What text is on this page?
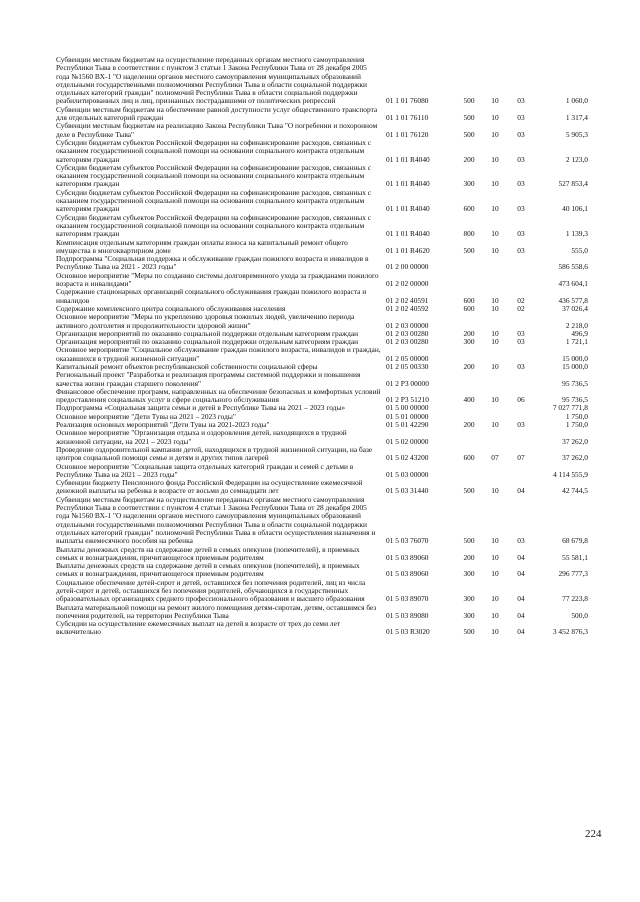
Субвенции местным бюджетам на осуществление переданных органам местного самоуправления Республики Тыва в соответствии с пунктом 3 статьи 1 Закона Республики Тыва от 28 декабря 2005 года №1560 ВХ-1 "О наделении органов местного самоуправления муниципальных образований отдельными государственными полномочиями Республики Тыва в области социальной поддержки отдельных категорий граждан" полномочий Республики Тыва в области социальной поддержки реабилитированных лиц и лиц, признанных пострадавшими от политических репрессий	01 1 01 76080	500	10	03	1 060,0
Субвенции местным бюджетам на обеспечение равной доступности услуг общественного транспорта для отдельных категорий граждан	01 1 01 76110	500	10	03	1 317,4
Субвенции местным бюджетам на реализацию Закона Республики Тыва "О погребении и похоронном деле в Республике Тыва"	01 1 01 76120	500	10	03	5 905,3
Субсидии бюджетам субъектов Российской Федерации на софинансирование расходов, связанных с оказанием государственной социальной помощи на основании социального контракта отдельным категориям граждан	01 1 01 R4040	200	10	03	2 123,0
Субсидии бюджетам субъектов Российской Федерации на софинансирование расходов, связанных с оказанием государственной социальной помощи на основании социального контракта отдельным категориям граждан	01 1 01 R4040	300	10	03	527 853,4
Субсидии бюджетам субъектов Российской Федерации на софинансирование расходов, связанных с оказанием государственной социальной помощи на основании социального контракта отдельным категориям граждан	01 1 01 R4040	600	10	03	40 106,1
Субсидии бюджетам субъектов Российской Федерации на софинансирование расходов, связанных с оказанием государственной социальной помощи на основании социального контракта отдельным категориям граждан	01 1 01 R4040	800	10	03	1 139,3
Компенсация отдельным категориям граждан оплаты взноса на капитальный ремонт общего имущества в многоквартирном доме	01 1 01 R4620	500	10	03	555,0
Подпрограмма "Социальная поддержка и обслуживание граждан пожилого возраста и инвалидов в Республике Тыва на 2021 - 2023 годы"	01 2 00 00000	586 558,6
Основное мероприятие "Меры по созданию системы долговременного ухода за гражданами пожилого возраста и инвалидами"	01 2 02 00000	473 604,1
Содержание стационарных организаций социального обслуживания граждан пожилого возраста и инвалидов	01 2 02 40591	600	10	02	436 577,8
Содержание комплексного центра социального обслуживания населения	01 2 02 40592	600	10	02	37 026,4
Основное мероприятие "Меры по укреплению здоровья пожилых людей, увеличению периода активного долголетия и продолжительности здоровой жизни"	01 2 03 00000	2 218,0
Организация мероприятий по оказанию социальной поддержки отдельным категориям граждан	01 2 03 00280	200	10	03	496,9
Организация мероприятий по оказанию социальной поддержки отдельным категориям граждан	01 2 03 00280	300	10	03	1 721,1
Основное мероприятие "Социальное обслуживание граждан пожилого возраста, инвалидов и граждан, оказавшихся в трудной жизненной ситуации"	01 2 05 00000	15 000,0
Капитальный ремонт объектов республиканской собственности социальной сферы	01 2 05 00330	200	10	03	15 000,0
Региональный проект "Разработка и реализация программы системной поддержки и повышения качества жизни граждан старшего поколения"	01 2 P3 00000	95 736,5
Финансовое обеспечение программ, направленных на обеспечение безопасных и комфортных условий предоставления социальных услуг в сфере социального обслуживания	01 2 P3 51210	400	10	06	95 736,5
Подпрограмма «Социальная защита семьи и детей в Республике Тыва на 2021 – 2023 годы»	01 5 00 00000	7 027 771,8
Основное мероприятие "Дети Тувы на 2021 – 2023 годы"	01 5 01 00000	1 750,0
Реализация основных мероприятий "Дети Тувы на 2021-2023 годы"	01 5 01 42290	200	10	03	1 750,0
Основное мероприятие "Организация отдыха и оздоровления детей, находящихся в трудной жизненной ситуации, на 2021 – 2023 годы"	01 5 02 00000	37 262,0
Проведение оздоровительной кампании детей, находящихся в трудной жизненной ситуации, на базе центров социальной помощи семье и детям и других типов лагерей	01 5 02 43200	600	07	07	37 262,0
Основное мероприятие "Социальная защита отдельных категорий граждан и семей с детьми в Республике Тыва на 2021 – 2023 годы"	01 5 03 00000	4 114 555,9
Субвенции бюджету Пенсионного фонда Российской Федерации на осуществление ежемесячной денежной выплаты на ребенка в возрасте от восьми до семнадцати лет	01 5 03 31440	500	10	04	42 744,5
Субвенции местным бюджетам на осуществление переданных органам местного самоуправления Республики Тыва в соответствии с пунктом 4 статьи 1 Закона Республики Тыва от 28 декабря 2005 года №1560 ВХ-1 "О наделении органов местного самоуправления муниципальных образований отдельными государственными полномочиями Республики Тыва в области социальной поддержки отдельных категорий граждан" полномочий Республики Тыва в области осуществления назначения и выплаты ежемесячного пособия на ребенка	01 5 03 76070	500	10	03	68 679,8
Выплаты денежных средств на содержание детей в семьях опекунов (попечителей), в приемных семьях и вознаграждения, причитающегося приемным родителям	01 5 03 89060	200	10	04	55 581,1
Выплаты денежных средств на содержание детей в семьях опекунов (попечителей), в приемных семьях и вознаграждения, причитающегося приемным родителям	01 5 03 89060	300	10	04	296 777,3
Социальное обеспечение детей-сирот и детей, оставшихся без попечения родителей, лиц из числа детей-сирот и детей, оставшихся без попечения родителей, обучающихся в государственных образовательных организациях среднего профессионального образования и высшего образования	01 5 03 89070	300	10	04	77 223,8
Выплата материальной помощи на ремонт жилого помещения детям-сиротам, детям, оставшимся без попечения родителей, на территории Республики Тыва	01 5 03 89080	300	10	04	500,0
Субсидии на осуществление ежемесячных выплат на детей в возрасте от трех до семи лет включительно	01 5 03 R3020	500	10	04	3 452 876,3
224
